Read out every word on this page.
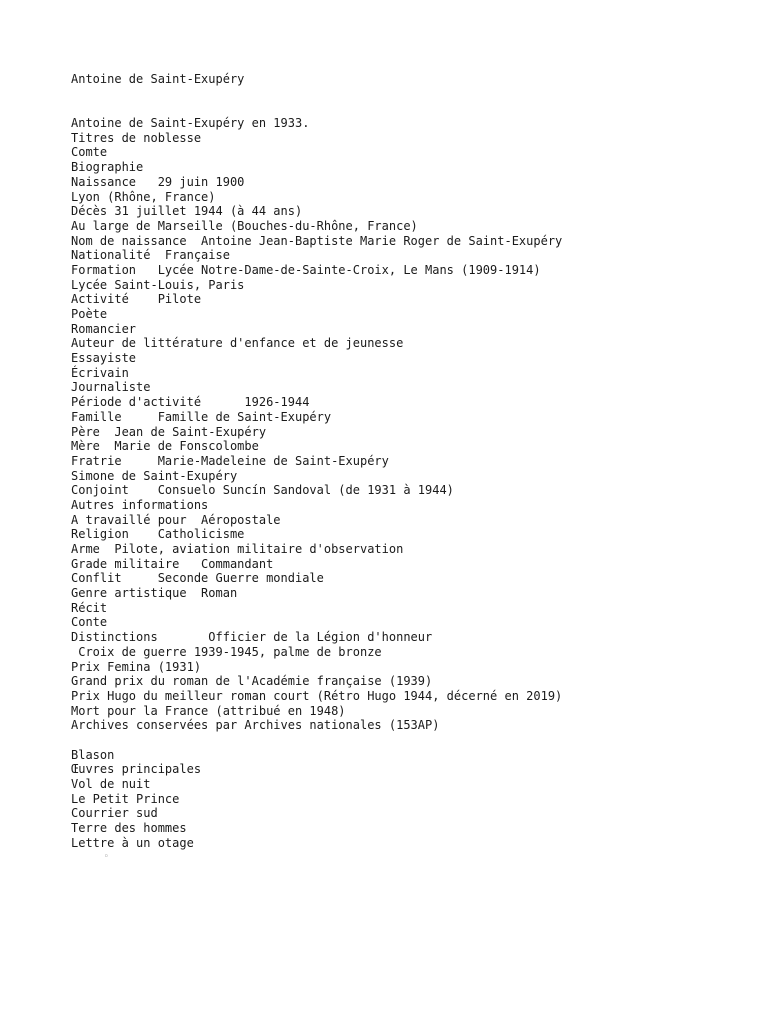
Antoine de Saint-Exupéry
Antoine de Saint-Exupéry en 1933.
Titres de noblesse
Comte
Biographie
Naissance   29 juin 1900
Lyon (Rhône, France)
Décès 31 juillet 1944 (à 44 ans)
Au large de Marseille (Bouches-du-Rhône, France)
Nom de naissance  Antoine Jean-Baptiste Marie Roger de Saint-Exupéry
Nationalité  Française
Formation   Lycée Notre-Dame-de-Sainte-Croix, Le Mans (1909-1914)
Lycée Saint-Louis, Paris
Activité    Pilote
Poète
Romancier
Auteur de littérature d'enfance et de jeunesse
Essayiste
Écrivain
Journaliste
Période d'activité      1926-1944
Famille     Famille de Saint-Exupéry
Père  Jean de Saint-Exupéry
Mère  Marie de Fonscolombe
Fratrie     Marie-Madeleine de Saint-Exupéry
Simone de Saint-Exupéry
Conjoint    Consuelo Suncín Sandoval (de 1931 à 1944)
Autres informations
A travaillé pour  Aéropostale
Religion    Catholicisme
Arme  Pilote, aviation militaire d'observation
Grade militaire   Commandant
Conflit     Seconde Guerre mondiale
Genre artistique  Roman
Récit
Conte
Distinctions       Officier de la Légion d'honneur
Croix de guerre 1939-1945, palme de bronze
Prix Femina (1931)
Grand prix du roman de l'Académie française (1939)
Prix Hugo du meilleur roman court (Rétro Hugo 1944, décerné en 2019)
Mort pour la France (attribué en 1948)
Archives conservées par Archives nationales (153AP)
Blason
Œuvres principales
Vol de nuit
Le Petit Prince
Courrier sud
Terre des hommes
Lettre à un otage
◦
